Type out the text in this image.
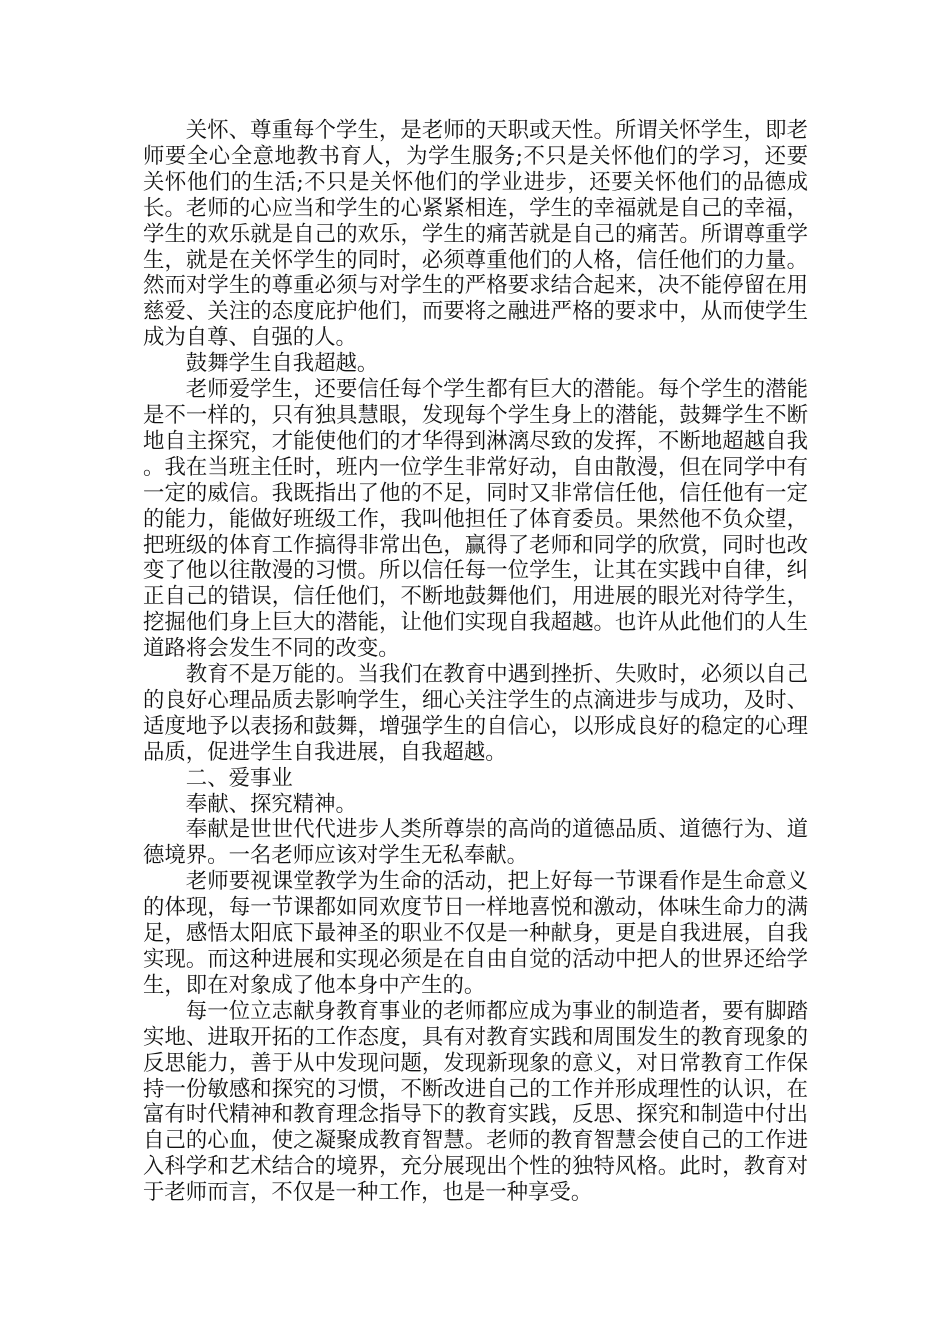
关怀、尊重每个学生，是老师的天职或天性。所谓关怀学生，即老师要全心全意地教书育人，为学生服务;不只是关怀他们的学习，还要关怀他们的生活;不只是关怀他们的学业进步，还要关怀他们的品德成长。老师的心应当和学生的心紧紧相连，学生的幸福就是自己的幸福，学生的欢乐就是自己的欢乐，学生的痛苦就是自己的痛苦。所谓尊重学生，就是在关怀学生的同时，必须尊重他们的人格，信任他们的力量。然而对学生的尊重必须与对学生的严格要求结合起来，决不能停留在用慈爱、关注的态度庇护他们，而要将之融进严格的要求中，从而使学生成为自尊、自强的人。

鼓舞学生自我超越。

老师爱学生，还要信任每个学生都有巨大的潜能。每个学生的潜能是不一样的，只有独具慧眼，发现每个学生身上的潜能，鼓舞学生不断地自主探究，才能使他们的才华得到淋漓尽致的发挥，不断地超越自我。我在当班主任时，班内一位学生非常好动，自由散漫，但在同学中有一定的威信。我既指出了他的不足，同时又非常信任他，信任他有一定的能力，能做好班级工作，我叫他担任了体育委员。果然他不负众望，把班级的体育工作搞得非常出色，赢得了老师和同学的欣赏，同时也改变了他以往散漫的习惯。所以信任每一位学生，让其在实践中自律，纠正自己的错误，信任他们，不断地鼓舞他们，用进展的眼光对待学生，挖掘他们身上巨大的潜能，让他们实现自我超越。也许从此他们的人生道路将会发生不同的改变。

教育不是万能的。当我们在教育中遇到挫折、失败时，必须以自己的良好心理品质去影响学生，细心关注学生的点滴进步与成功，及时、适度地予以表扬和鼓舞，增强学生的自信心，以形成良好的稳定的心理品质，促进学生自我进展，自我超越。

二、爱事业

奉献、探究精神。

奉献是世世代代进步人类所尊崇的高尚的道德品质、道德行为、道德境界。一名老师应该对学生无私奉献。

老师要视课堂教学为生命的活动，把上好每一节课看作是生命意义的体现，每一节课都如同欢度节日一样地喜悦和激动，体味生命力的满足，感悟太阳底下最神圣的职业不仅是一种献身，更是自我进展，自我实现。而这种进展和实现必须是在自由自觉的活动中把人的世界还给学生，即在对象成了他本身中产生的。

每一位立志献身教育事业的老师都应成为事业的制造者，要有脚踏实地、进取开拓的工作态度，具有对教育实践和周围发生的教育现象的反思能力，善于从中发现问题，发现新现象的意义，对日常教育工作保持一份敏感和探究的习惯，不断改进自己的工作并形成理性的认识，在富有时代精神和教育理念指导下的教育实践，反思、探究和制造中付出自己的心血，使之凝聚成教育智慧。老师的教育智慧会使自己的工作进入科学和艺术结合的境界，充分展现出个性的独特风格。此时，教育对于老师而言，不仅是一种工作，也是一种享受。
